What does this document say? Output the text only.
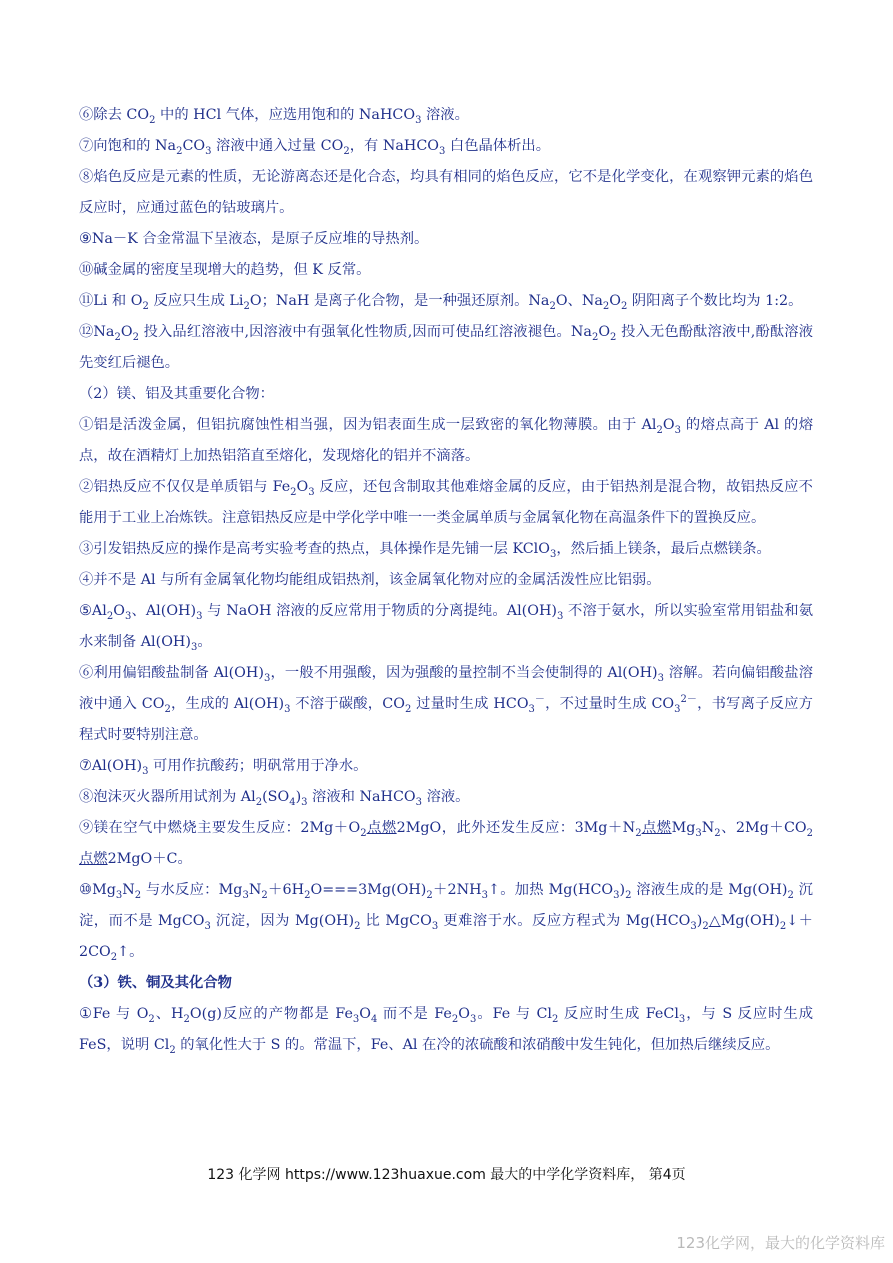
⑥除去 $CO_2$ 中的 HCl 气体，应选用饱和的 NaHCO$_3$ 溶液。

⑦向饱和的 $Na_2CO_3$ 溶液中通入过量 $CO_2$，有 NaHCO$_3$ 白色晶体析出。

⑧焰色反应是元素的性质，无论游离态还是化合态，均具有相同的焰色反应，它不是化学变化，在观察钾元素的焰色反应时，应通过蓝色的钴玻璃片。

⑨Na－K 合金常温下呈液态，是原子反应堆的导热剂。

⑩碱金属的密度呈现增大的趋势，但 K 反常。

⑪Li 和 $O_2$ 反应只生成 $Li_2O$；NaH 是离子化合物，是一种强还原剂。$Na_2O$、$Na_2O_2$ 阴阳离子个数比均为 1:2。

$⑫Na_2O_2$ 投入品红溶液中,因溶液中有强氧化性物质,因而可使品红溶液褪色。$Na_2O_2$ 投入无色酚酞溶液中,酚酞溶液先变红后褪色。

（2）镁、铝及其重要化合物：

①铝是活泼金属，但铝抗腐蚀性相当强，因为铝表面生成一层致密的氧化物薄膜。由于 $Al_2O_3$ 的熔点高于 Al 的熔点，故在酒精灯上加热铝箔直至熔化，发现熔化的铝并不滴落。

②铝热反应不仅仅是单质铝与 $Fe_2O_3$ 反应，还包含制取其他难熔金属的反应，由于铝热剂是混合物，故铝热反应不能用于工业上冶炼铁。注意铝热反应是中学化学中唯一一类金属单质与金属氧化物在高温条件下的置换反应。

③引发铝热反应的操作是高考实验考查的热点，具体操作是先铺一层 KClO$_3$，然后插上镁条，最后点燃镁条。

④并不是 Al 与所有金属氧化物均能组成铝热剂，该金属氧化物对应的金属活泼性应比铝弱。

$⑤Al_2O_3$、$Al(OH)_3$ 与 NaOH 溶液的反应常用于物质的分离提纯。$Al(OH)_3$ 不溶于氨水，所以实验室常用铝盐和氨水来制备 $Al(OH)_3$。

⑥利用偏铝酸盐制备 $Al(OH)_3$，一般不用强酸，因为强酸的量控制不当会使制得的 $Al(OH)_3$ 溶解。若向偏铝酸盐溶液中通入 $CO_2$，生成的 $Al(OH)_3$ 不溶于碳酸，$CO_2$ 过量时生成 $HCO_3^-$，不过量时生成 $CO_3^{2-}$，书写离子反应方程式时要特别注意。

$⑦Al(OH)_3$ 可用作抗酸药；明矾常用于净水。

⑧泡沫灭火器所用试剂为 $Al_2(SO_4)_3$ 溶液和 NaHCO$_3$ 溶液。

⑨镁在空气中燃烧主要发生反应：$2Mg+O_2$点燃2MgO，此外还发生反应：$3Mg+N_2$点燃$Mg_3N_2$、$2Mg+CO_2$ 点燃2MgO＋C。

$⑩Mg_3N_2$ 与水反应：$Mg_3N_2+6H_2O===3Mg(OH)_2+2NH_3↑$。加热 $Mg(HCO_3)_2$ 溶液生成的是 $Mg(OH)_2$ 沉淀，而不是 MgCO$_3$ 沉淀，因为 $Mg(OH)_2$ 比 MgCO$_3$ 更难溶于水。反应方程式为 $Mg(HCO_3)_2\triangle Mg(OH)_2↓+2CO_2↑$。

（3）铁、铜及其化合物

①Fe 与 $O_2$、$H_2O(g)$反应的产物都是 $Fe_3O_4$ 而不是 $Fe_2O_3$。Fe 与 $Cl_2$ 反应时生成 FeCl$_3$，与 S 反应时生成 FeS，说明 $Cl_2$ 的氧化性大于 S 的。常温下，Fe、Al 在冷的浓硫酸和浓硝酸中发生钝化，但加热后继续反应。

123 化学网 https://www.123huaxue.com 最大的中学化学资料库， 第4页
123化学网，最大的化学资料库
